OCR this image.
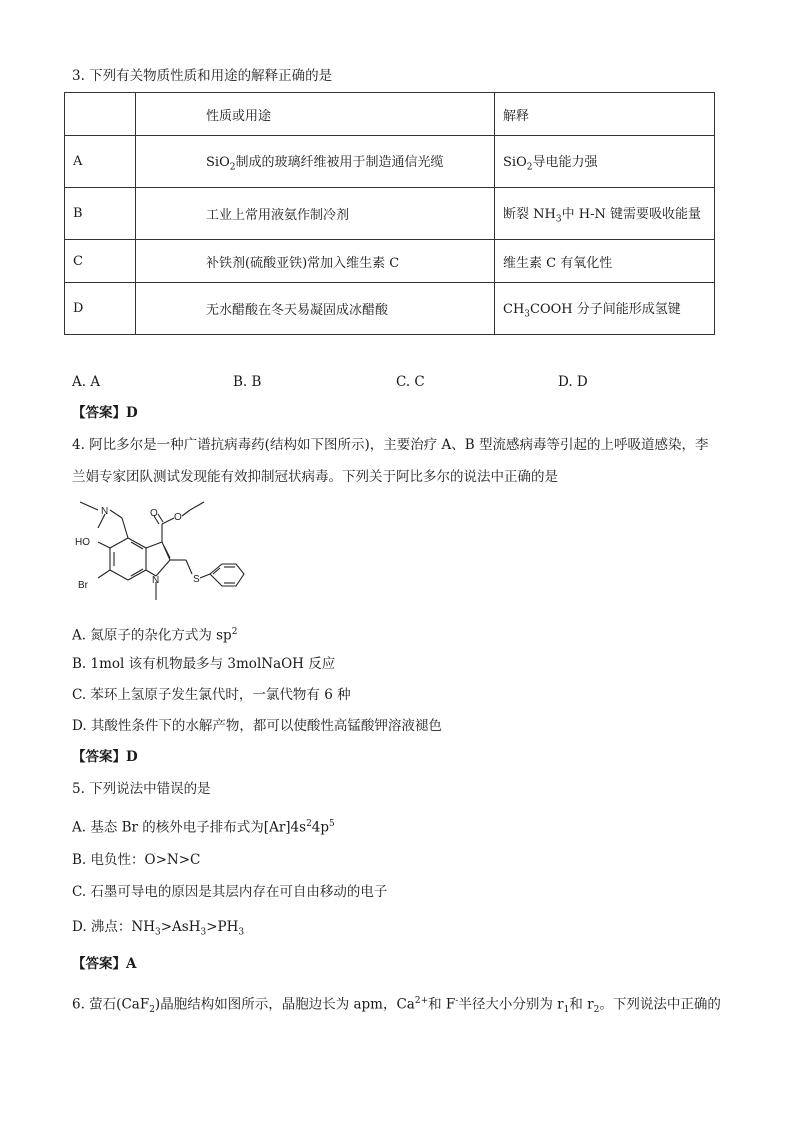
3. 下列有关物质性质和用途的解释正确的是
	性质或用途	解释
A	SiO$_2$制成的玻璃纤维被用于制造通信光缆	SiO$_2$导电能力强
B	工业上常用液氨作制冷剂	断裂 $NH_3$中 H-N 键需要吸收能量
C	补铁剂(硫酸亚铁)常加入维生素 C	维生素 C 有氧化性
D	无水醋酸在冬天易凝固成冰醋酸	$CH_3COOH$ 分子间能形成氢键
A. A	B. B	C. C	D. D
【答案】D
4. 阿比多尔是一种广谱抗病毒药(结构如下图所示)，主要治疗 A、B 型流感病毒等引起的上呼吸道感染，李
兰娟专家团队测试发现能有效抑制冠状病毒。下列关于阿比多尔的说法中正确的是
N	O O
HO
Br	N	S
A. 氮原子的杂化方式为 $sp^2$
B. 1mol 该有机物最多与 3molNaOH 反应
C. 苯环上氢原子发生氯代时，一氯代物有 6 种
D. 其酸性条件下的水解产物，都可以使酸性高锰酸钾溶液褪色
【答案】D
5. 下列说法中错误的是
A. 基态 Br 的核外电子排布式为$[Ar]4s^24p^5$
B. 电负性：O>N>C
C. 石墨可导电的原因是其层内存在可自由移动的电子
D. 沸点：$NH_3>AsH_3>PH_3$
【答案】A
6. 萤石(CaF$_2$)晶胞结构如图所示，晶胞边长为 apm，$Ca^{2+}$和 F-半径大小分别为 $r_1$和 $r_2$。下列说法中正确的
